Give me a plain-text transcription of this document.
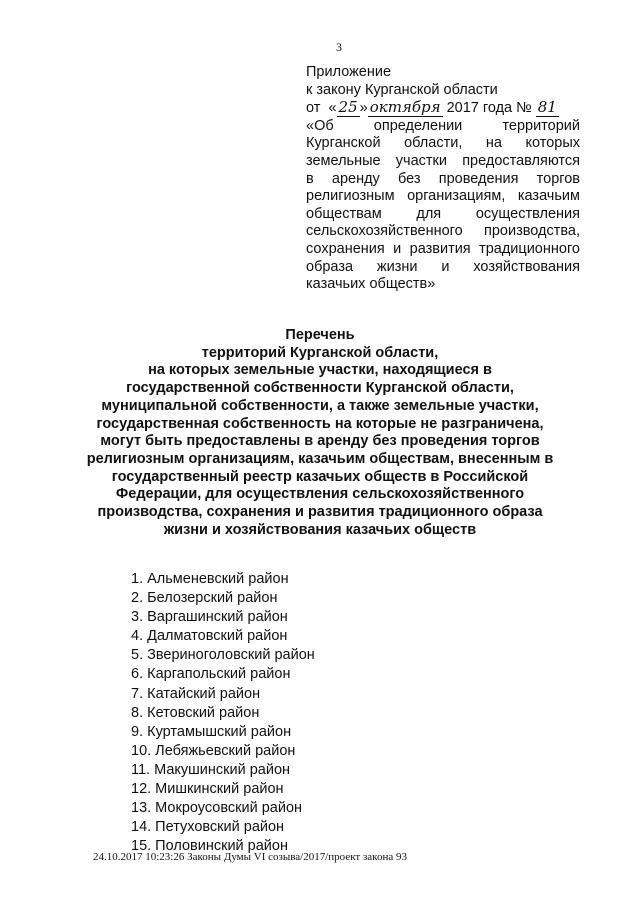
3
Приложение
к закону Курганской области
от « 25 » октября 2017 года № 81
«Об определении территорий
Курганской области, на которых
земельные участки предоставляются
в аренду без проведения торгов
религиозным организациям, казачьим
обществам для осуществления
сельскохозяйственного производства,
сохранения и развития традиционного
образа жизни и хозяйствования
казачьих обществ»
Перечень
территорий Курганской области,
на которых земельные участки, находящиеся в
государственной собственности Курганской области,
муниципальной собственности, а также земельные участки,
государственная собственность на которые не разграничена,
могут быть предоставлены в аренду без проведения торгов
религиозным организациям, казачьим обществам, внесенным в
государственный реестр казачьих обществ в Российской
Федерации, для осуществления сельскохозяйственного
производства, сохранения и развития традиционного образа
жизни и хозяйствования казачьих обществ
1. Альменевский район
2. Белозерский район
3. Варгашинский район
4. Далматовский район
5. Звериноголовский район
6. Каргапольский район
7. Катайский район
8. Кетовский район
9. Куртамышский район
10. Лебяжьевский район
11. Макушинский район
12. Мишкинский район
13. Мокроусовский район
14. Петуховский район
15. Половинский район
24.10.2017 10:23:26 Законы Думы VI созыва/2017/проект закона 93
